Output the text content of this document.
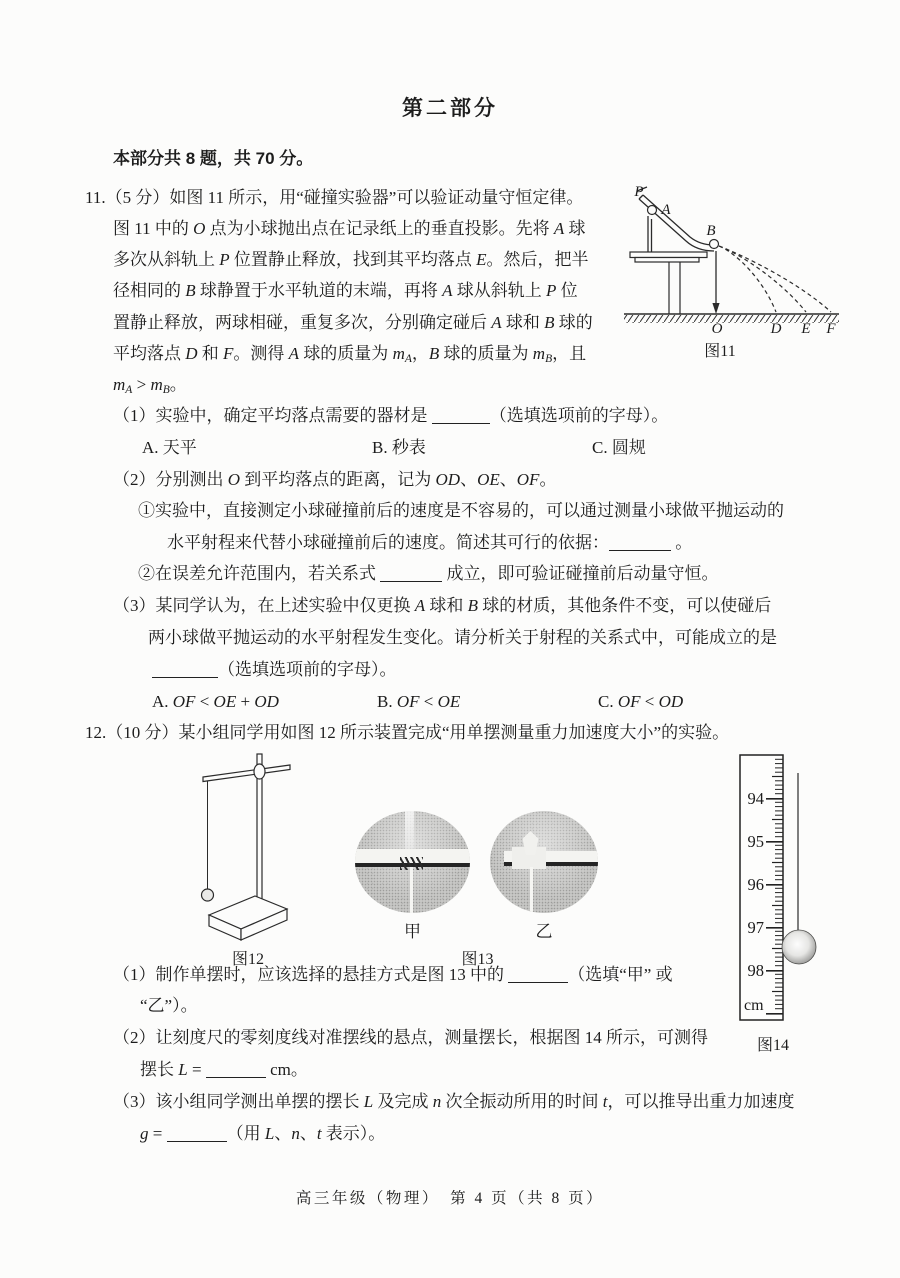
第二部分
本部分共 8 题，共 70 分。
11.（5 分）如图 11 所示，用“碰撞实验器”可以验证动量守恒定律。
图 11 中的 O 点为小球抛出点在记录纸上的垂直投影。先将 A 球
多次从斜轨上 P 位置静止释放，找到其平均落点 E。然后，把半
径相同的 B 球静置于水平轨道的末端，再将 A 球从斜轨上 P 位
置静止释放，两球相碰，重复多次，分别确定碰后 A 球和 B 球的
平均落点 D 和 F。测得 A 球的质量为 mA，B 球的质量为 mB，且
mA > mB。
（1）实验中，确定平均落点需要的器材是	（选填选项前的字母）。
A. 天平	B. 秒表	C. 圆规
（2）分别测出 O 到平均落点的距离，记为 OD、OE、OF。
①实验中，直接测定小球碰撞前后的速度是不容易的，可以通过测量小球做平抛运动的
水平射程来代替小球碰撞前后的速度。简述其可行的依据：	。
②在误差允许范围内，若关系式	成立，即可验证碰撞前后动量守恒。
（3）某同学认为，在上述实验中仅更换 A 球和 B 球的材质，其他条件不变，可以使碰后
两小球做平抛运动的水平射程发生变化。请分析关于射程的关系式中，可能成立的是
（选填选项前的字母）。
A. OF < OE + OD	B. OF < OE	C. OF < OD
12.（10 分）某小组同学用如图 12 所示装置完成“用单摆测量重力加速度大小”的实验。
（1）制作单摆时，应该选择的悬挂方式是图 13 中的	（选填“甲” 或
“乙”）。
（2）让刻度尺的零刻度线对准摆线的悬点，测量摆长，根据图 14 所示，可测得
摆长 L =	cm。
（3）该小组同学测出单摆的摆长 L 及完成 n 次全振动所用的时间 t，可以推导出重力加速度
g =	（用 L、n、t 表示）。
P
A
B
O	D E F
图11
图12
甲	乙
图13
94
95
96
97
98
cm
图14
高三年级（物理）　第 4 页（共 8 页）
